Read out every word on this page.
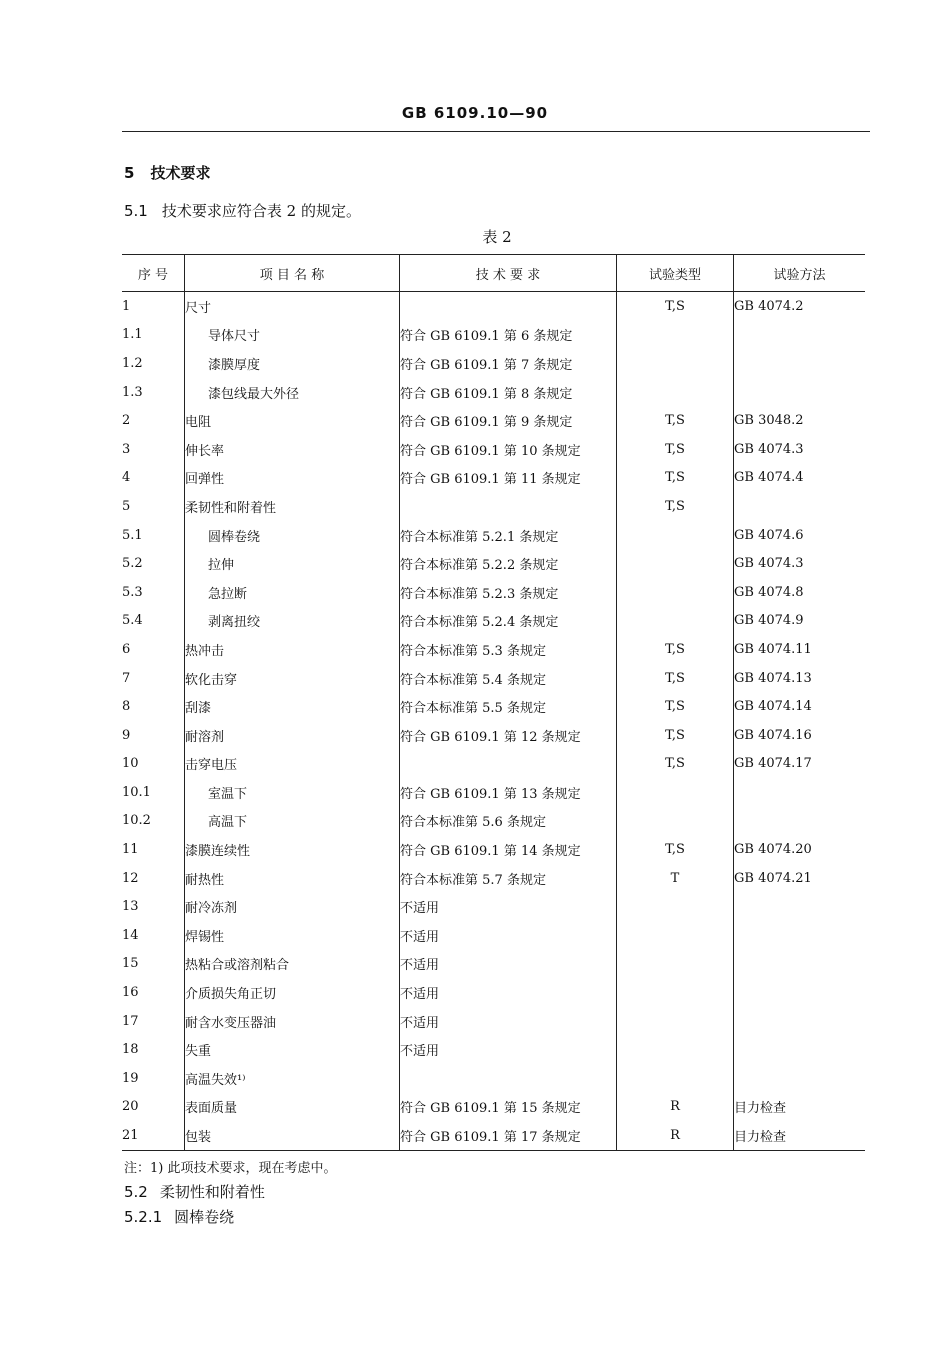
GB 6109.10—90
5 技术要求
5.1 技术要求应符合表 2 的规定。
表 2
序 号	项 目 名 称	技 术 要 求	试验类型	试验方法
1	尺寸		T,S	GB 4074.2
1.1	导体尺寸	符合 GB 6109.1 第 6 条规定		
1.2	漆膜厚度	符合 GB 6109.1 第 7 条规定		
1.3	漆包线最大外径	符合 GB 6109.1 第 8 条规定		
2	电阻	符合 GB 6109.1 第 9 条规定	T,S	GB 3048.2
3	伸长率	符合 GB 6109.1 第 10 条规定	T,S	GB 4074.3
4	回弹性	符合 GB 6109.1 第 11 条规定	T,S	GB 4074.4
5	柔韧性和附着性		T,S	
5.1	圆棒卷绕	符合本标准第 5.2.1 条规定		GB 4074.6
5.2	拉伸	符合本标准第 5.2.2 条规定		GB 4074.3
5.3	急拉断	符合本标准第 5.2.3 条规定		GB 4074.8
5.4	剥离扭绞	符合本标准第 5.2.4 条规定		GB 4074.9
6	热冲击	符合本标准第 5.3 条规定	T,S	GB 4074.11
7	软化击穿	符合本标准第 5.4 条规定	T,S	GB 4074.13
8	刮漆	符合本标准第 5.5 条规定	T,S	GB 4074.14
9	耐溶剂	符合 GB 6109.1 第 12 条规定	T,S	GB 4074.16
10	击穿电压		T,S	GB 4074.17
10.1	室温下	符合 GB 6109.1 第 13 条规定		
10.2	高温下	符合本标准第 5.6 条规定		
11	漆膜连续性	符合 GB 6109.1 第 14 条规定	T,S	GB 4074.20
12	耐热性	符合本标准第 5.7 条规定	T	GB 4074.21
13	耐冷冻剂	不适用		
14	焊锡性	不适用		
15	热粘合或溶剂粘合	不适用		
16	介质损失角正切	不适用		
17	耐含水变压器油	不适用		
18	失重	不适用		
19	高温失效¹⁾			
20	表面质量	符合 GB 6109.1 第 15 条规定	R	目力检查
21	包装	符合 GB 6109.1 第 17 条规定	R	目力检查
注：1) 此项技术要求，现在考虑中。
5.2 柔韧性和附着性
5.2.1 圆棒卷绕
